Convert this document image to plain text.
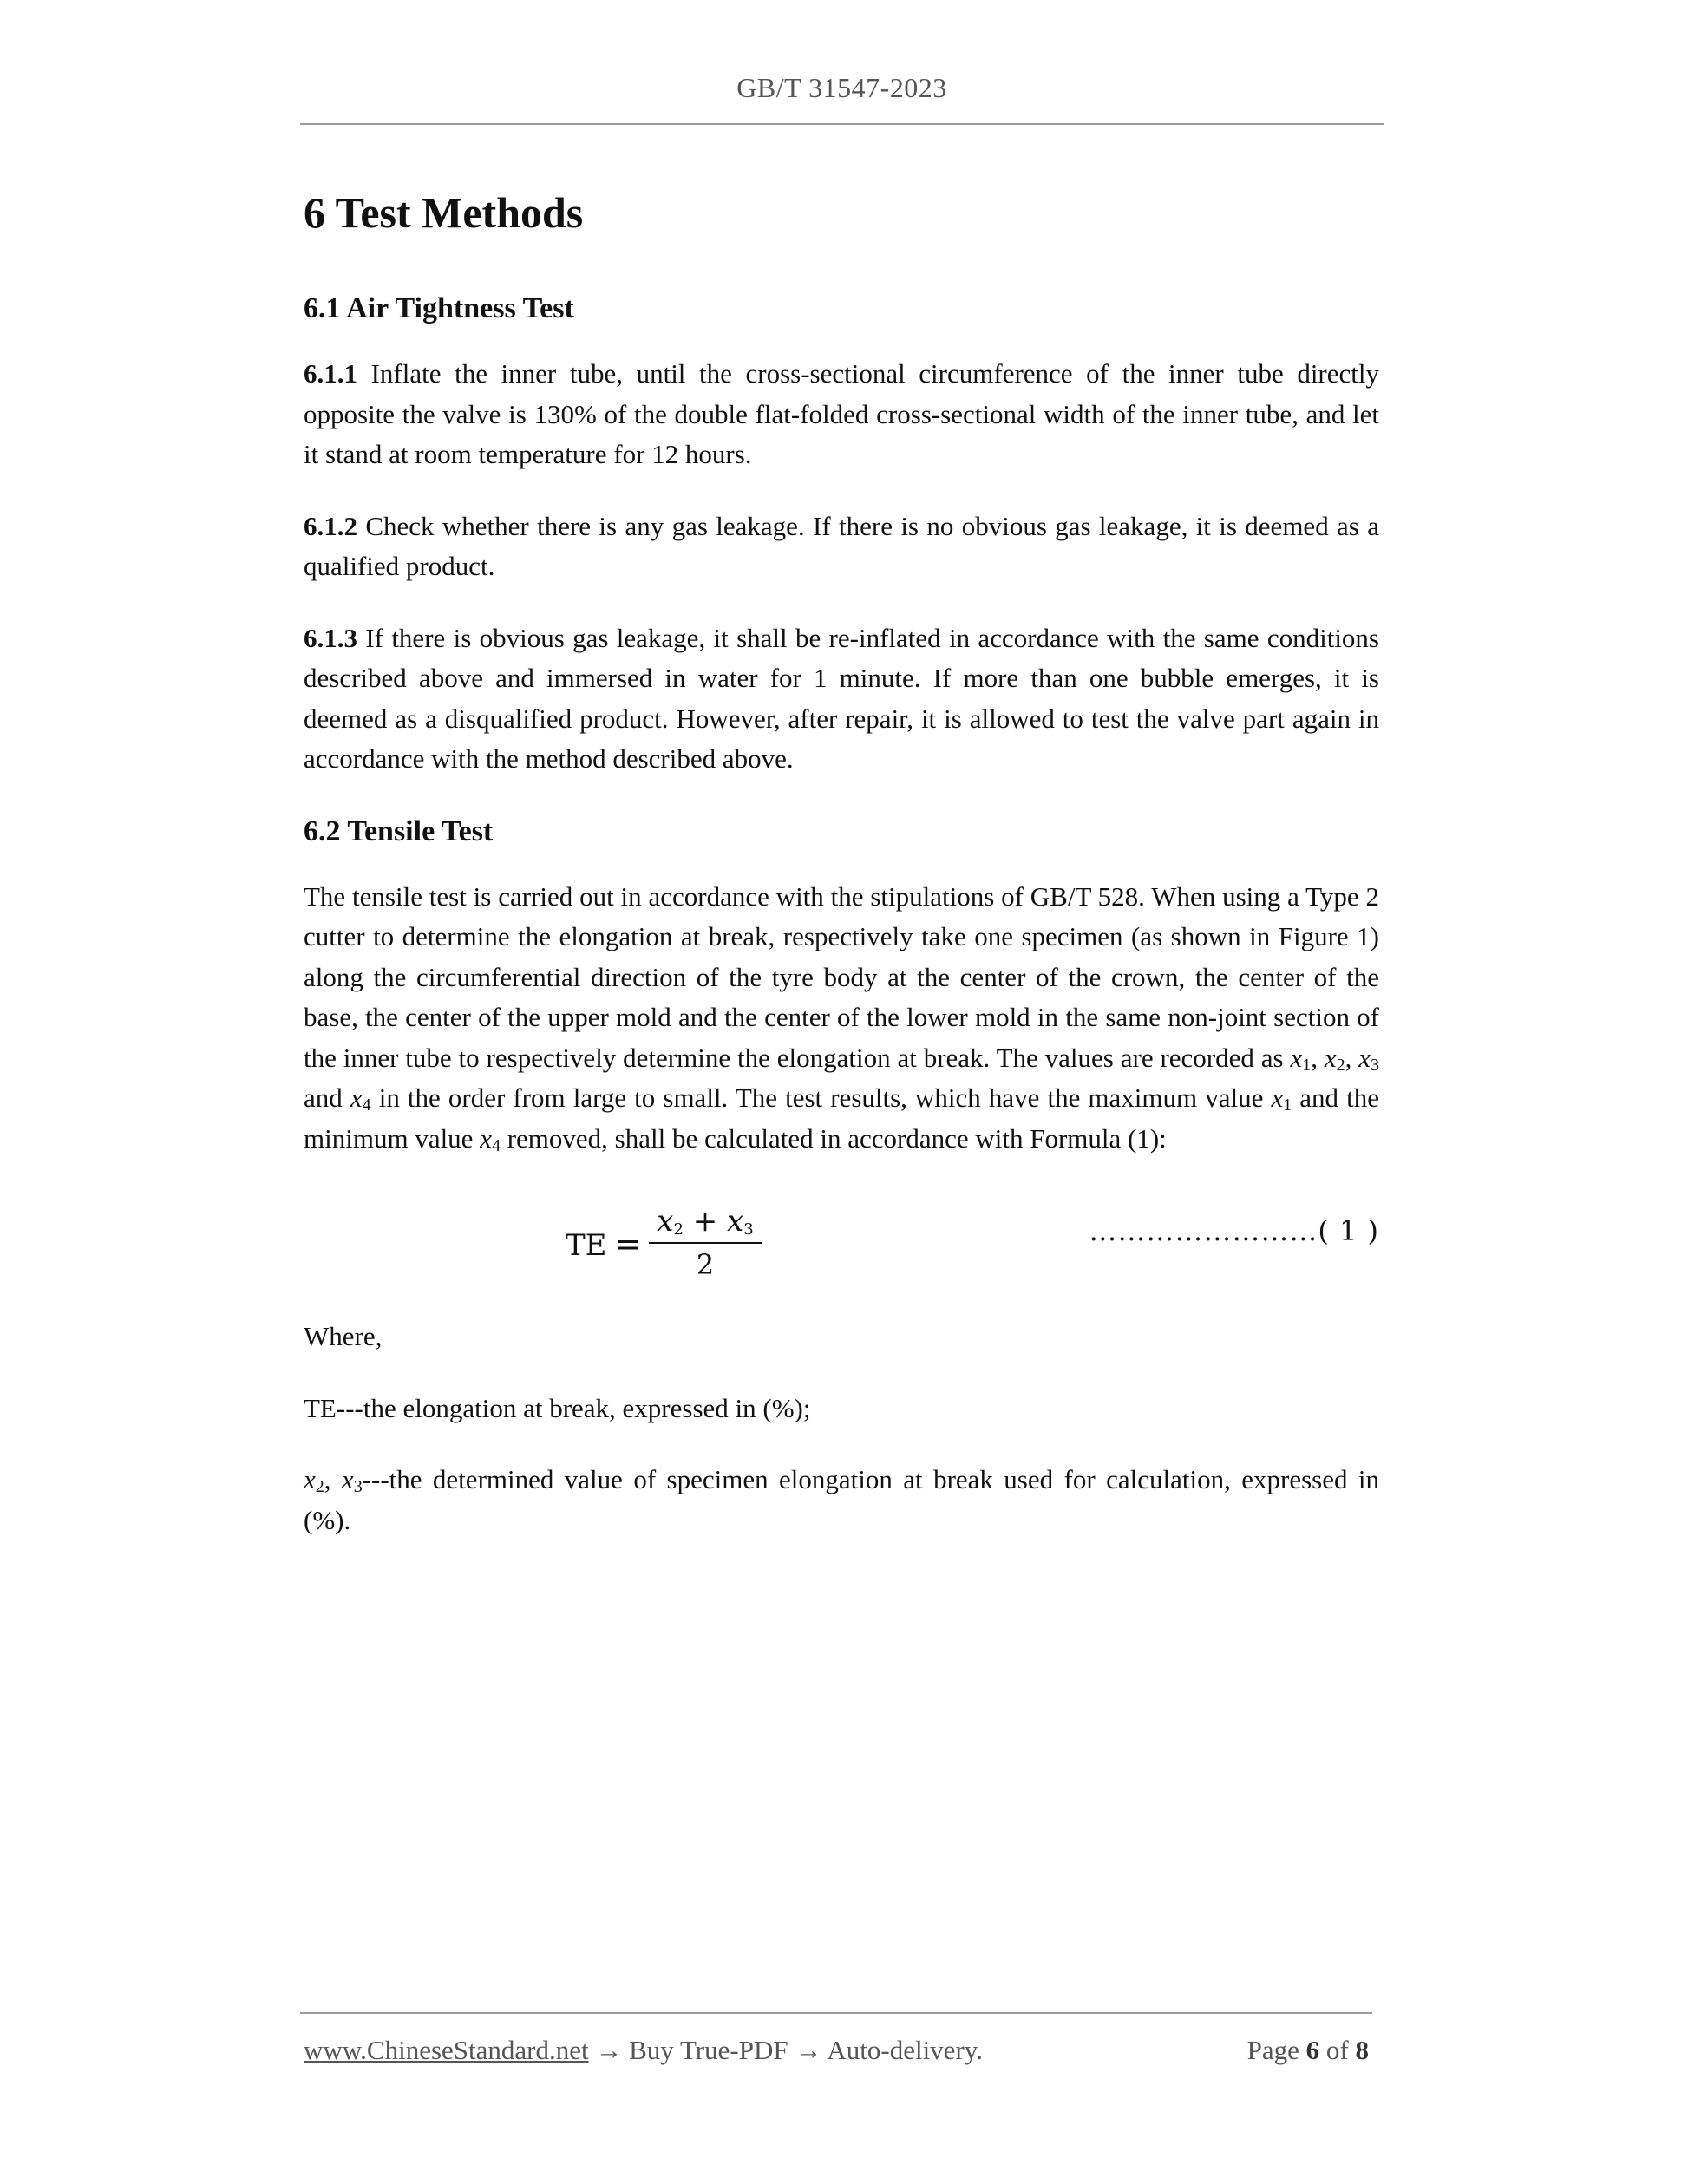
GB/T 31547-2023
6 Test Methods
6.1 Air Tightness Test

6.1.1 Inflate the inner tube, until the cross-sectional circumference of the inner tube directly opposite the valve is 130% of the double flat-folded cross-sectional width of the inner tube, and let it stand at room temperature for 12 hours.

6.1.2 Check whether there is any gas leakage. If there is no obvious gas leakage, it is deemed as a qualified product.

6.1.3 If there is obvious gas leakage, it shall be re-inflated in accordance with the same conditions described above and immersed in water for 1 minute. If more than one bubble emerges, it is deemed as a disqualified product. However, after repair, it is allowed to test the valve part again in accordance with the method described above.

6.2 Tensile Test

The tensile test is carried out in accordance with the stipulations of GB/T 528. When using a Type 2 cutter to determine the elongation at break, respectively take one specimen (as shown in Figure 1) along the circumferential direction of the tyre body at the center of the crown, the center of the base, the center of the upper mold and the center of the lower mold in the same non-joint section of the inner tube to respectively determine the elongation at break. The values are recorded as $x_1$, $x_2$, $x_3$ and $x_4$ in the order from large to small. The test results, which have the maximum value $x_1$ and the minimum value $x_4$ removed, shall be calculated in accordance with Formula (1):

TE =
$x_2 + x_3$
2
……………………( 1 )

Where,

TE---the elongation at break, expressed in (%);

$x_2$, $x_3--$-the determined value of specimen elongation at break used for calculation, expressed in (%).

www.ChineseStandard.net → Buy True-PDF → Auto-delivery.	Page 6 of 8
